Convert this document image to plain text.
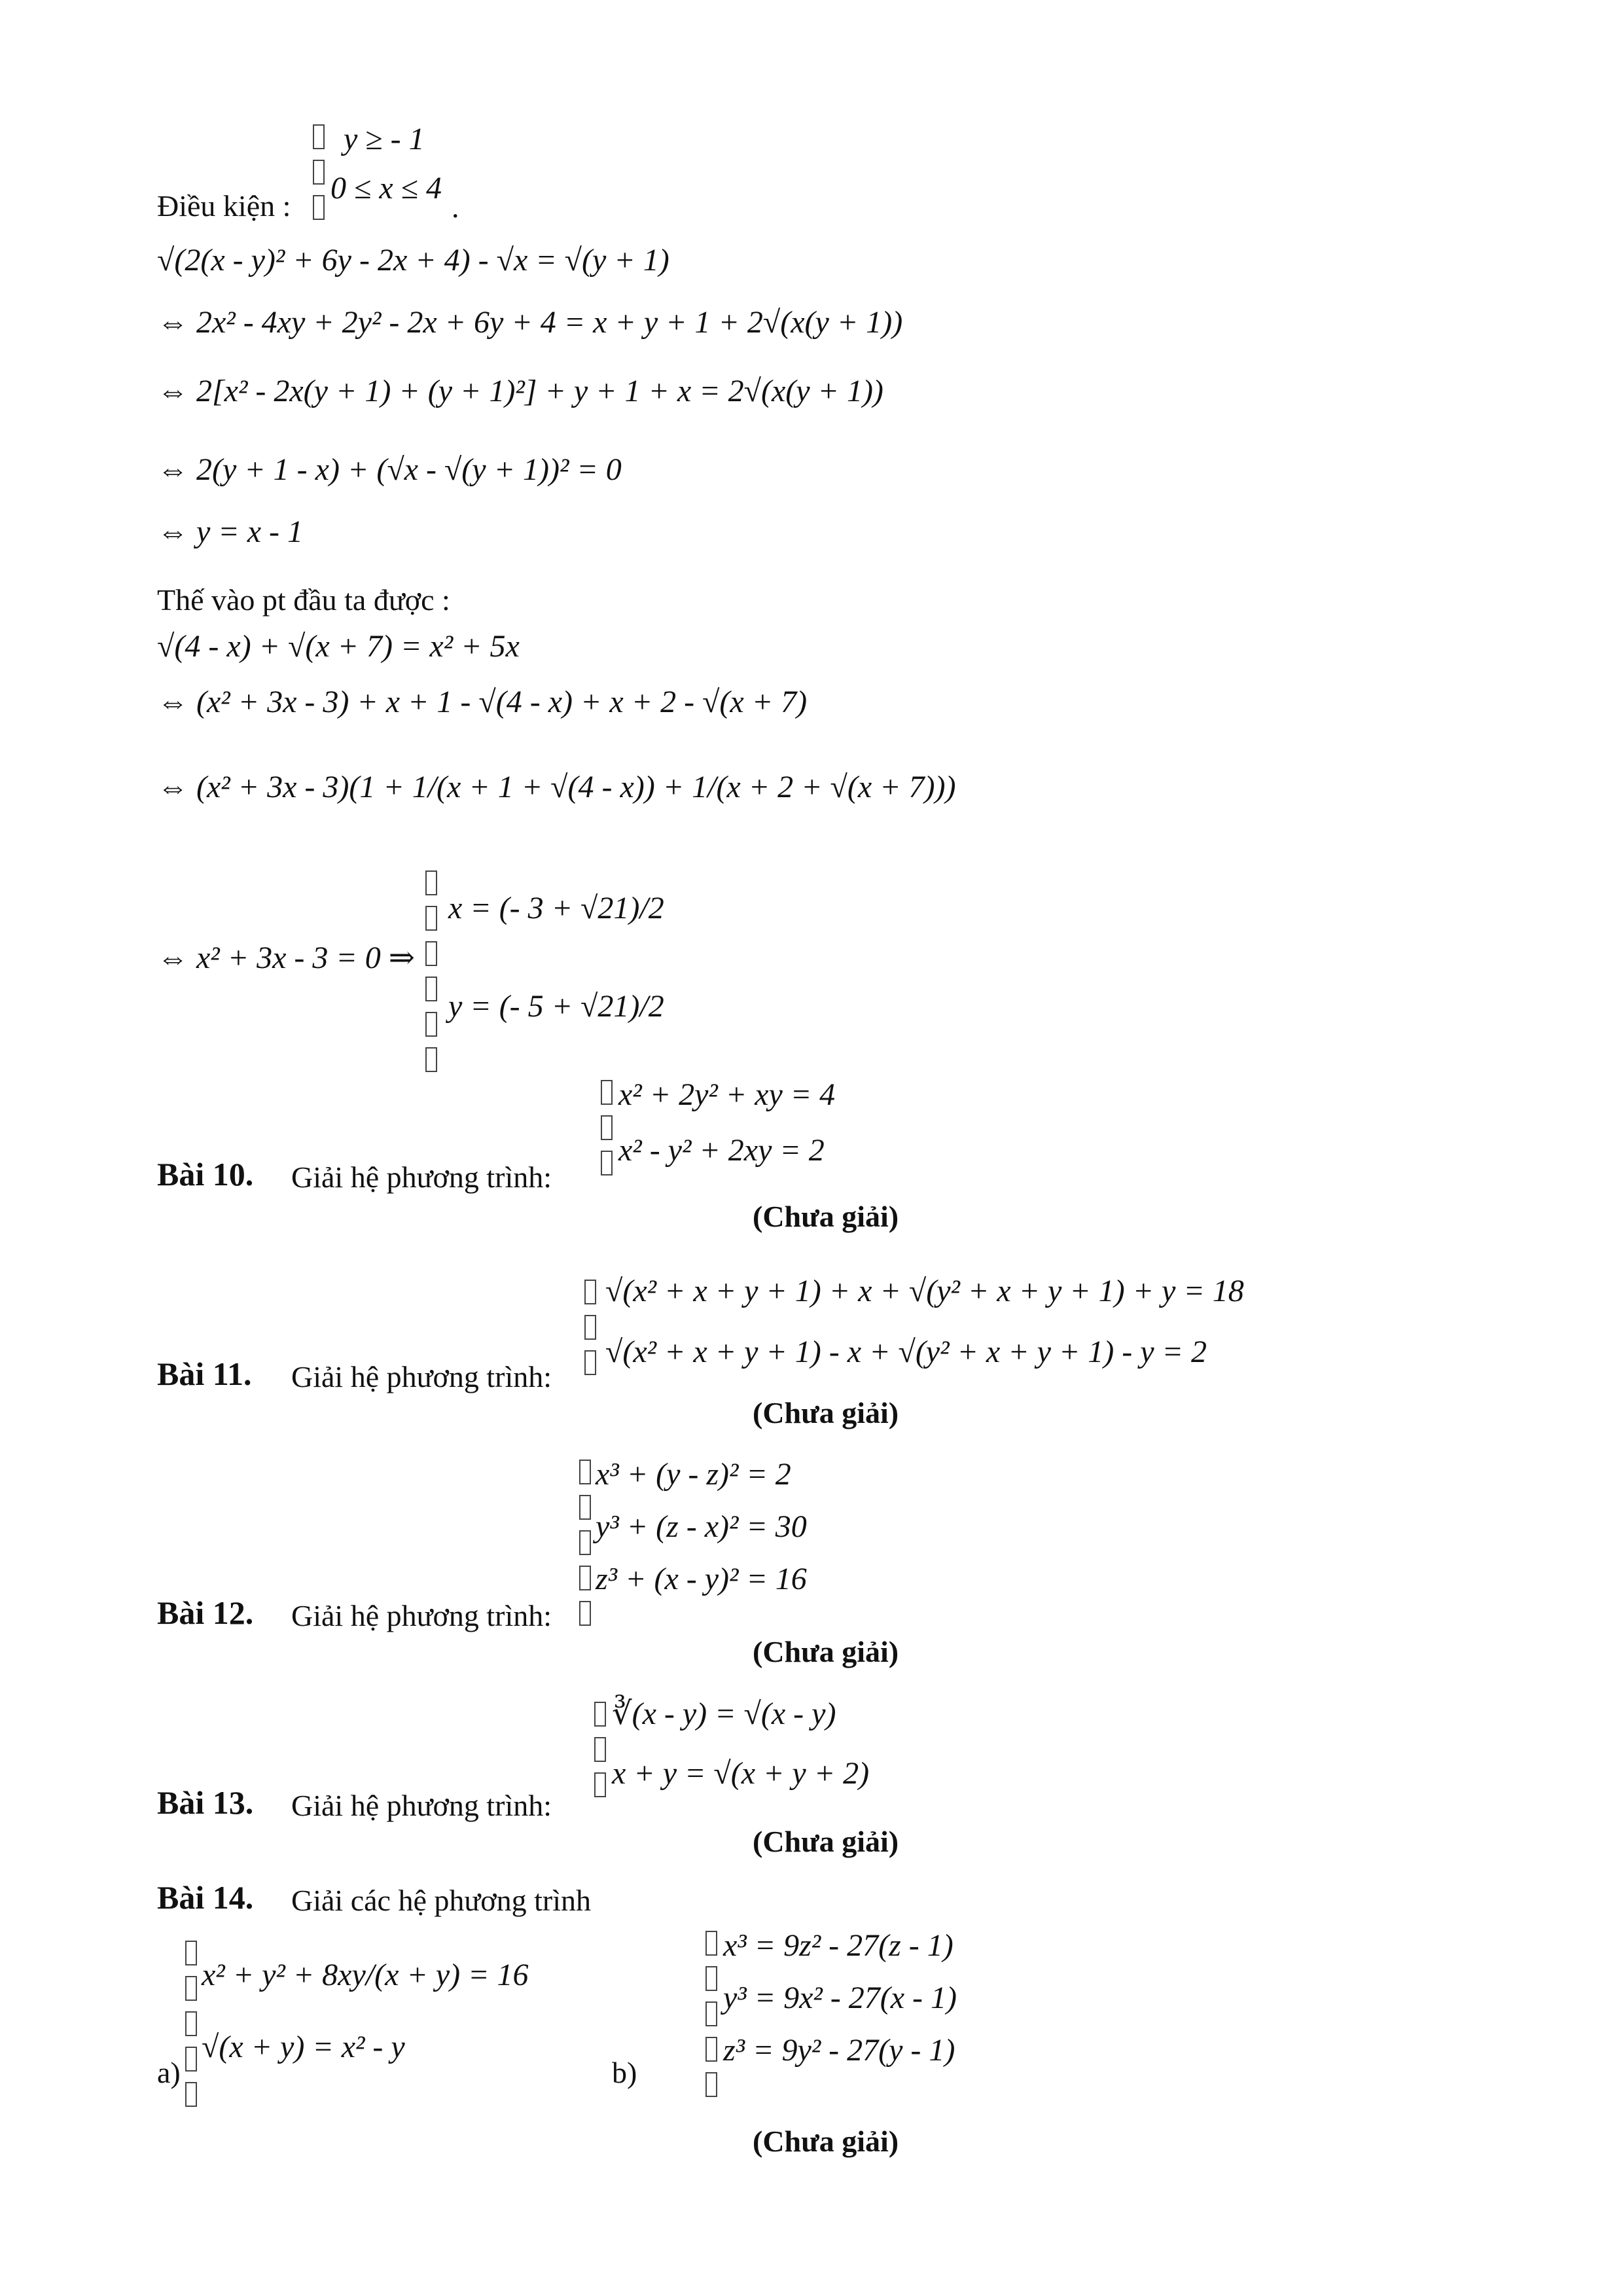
y ≥ - 1
0 ≤ x ≤ 4
Điều kiện :	.
√(2(x - y)² + 6y - 2x + 4) - √x = √(y + 1)
⇔ 2x² - 4xy + 2y² - 2x + 6y + 4 = x + y + 1 + 2√(x(y + 1))
⇔ 2[x² - 2x(y + 1) + (y + 1)²] + y + 1 + x = 2√(x(y + 1))
⇔ 2(y + 1 - x) + (√x - √(y + 1))² = 0
⇔ y = x - 1
Thế vào pt đầu ta được :
√(4 - x) + √(x + 7) = x² + 5x
⇔ (x² + 3x - 3) + x + 1 - √(4 - x) + x + 2 - √(x + 7)
⇔ (x² + 3x - 3)(1 + 1/(x + 1 + √(4 - x)) + 1/(x + 2 + √(x + 7)))
⇔ x² + 3x - 3 = 0 ⇒
x = (- 3 + √21)/2
y = (- 5 + √21)/2
x² + 2y² + xy = 4
x² - y² + 2xy = 2
Bài 10. Giải hệ phương trình:
(Chưa giải)
√(x² + x + y + 1) + x + √(y² + x + y + 1) + y = 18
√(x² + x + y + 1) - x + √(y² + x + y + 1) - y = 2
Bài 11. Giải hệ phương trình:
(Chưa giải)
x³ + (y - z)² = 2
y³ + (z - x)² = 30
z³ + (x - y)² = 16
Bài 12. Giải hệ phương trình:
(Chưa giải)
∛(x - y) = √(x - y)
x + y = √(x + y + 2)
Bài 13. Giải hệ phương trình:
(Chưa giải)
Bài 14. Giải các hệ phương trình
x² + y² + 8xy/(x + y) = 16
√(x + y) = x² - y
a)
x³ = 9z² - 27(z - 1)
y³ = 9x² - 27(x - 1)
z³ = 9y² - 27(y - 1)
b)
(Chưa giải)
